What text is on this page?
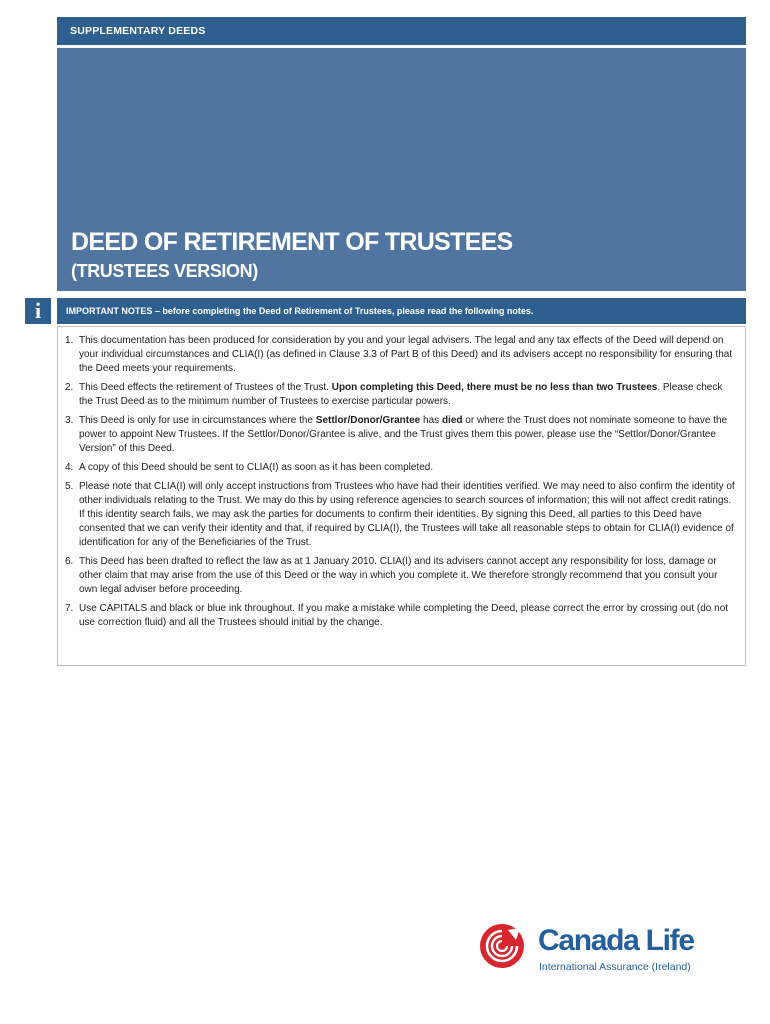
SUPPLEMENTARY DEEDS
DEED OF RETIREMENT OF TRUSTEES
(TRUSTEES VERSION)
i	IMPORTANT NOTES – before completing the Deed of Retirement of Trustees, please read the following notes.
1. This documentation has been produced for consideration by you and your legal advisers. The legal and any tax effects of the Deed will depend on your individual circumstances and CLIA(I) (as defined in Clause 3.3 of Part B of this Deed) and its advisers accept no responsibility for ensuring that the Deed meets your requirements.
2. This Deed effects the retirement of Trustees of the Trust. Upon completing this Deed, there must be no less than two Trustees. Please check the Trust Deed as to the minimum number of Trustees to exercise particular powers.
3. This Deed is only for use in circumstances where the Settlor/Donor/Grantee has died or where the Trust does not nominate someone to have the power to appoint New Trustees. If the Settlor/Donor/Grantee is alive, and the Trust gives them this power, please use the “Settlor/Donor/Grantee Version” of this Deed.
4. A copy of this Deed should be sent to CLIA(I) as soon as it has been completed.
5. Please note that CLIA(I) will only accept instructions from Trustees who have had their identities verified. We may need to also confirm the identity of other individuals relating to the Trust. We may do this by using reference agencies to search sources of information; this will not affect credit ratings. If this identity search fails, we may ask the parties for documents to confirm their identities. By signing this Deed, all parties to this Deed have consented that we can verify their identity and that, if required by CLIA(I), the Trustees will take all reasonable steps to obtain for CLIA(I) evidence of identification for any of the Beneficiaries of the Trust.
6. This Deed has been drafted to reflect the law as at 1 January 2010. CLIA(I) and its advisers cannot accept any responsibility for loss, damage or other claim that may arise from the use of this Deed or the way in which you complete it. We therefore strongly recommend that you consult your own legal adviser before proceeding.
7. Use CAPITALS and black or blue ink throughout. If you make a mistake while completing the Deed, please correct the error by crossing out (do not use correction fluid) and all the Trustees should initial by the change.
Canada Life
International Assurance (Ireland)
